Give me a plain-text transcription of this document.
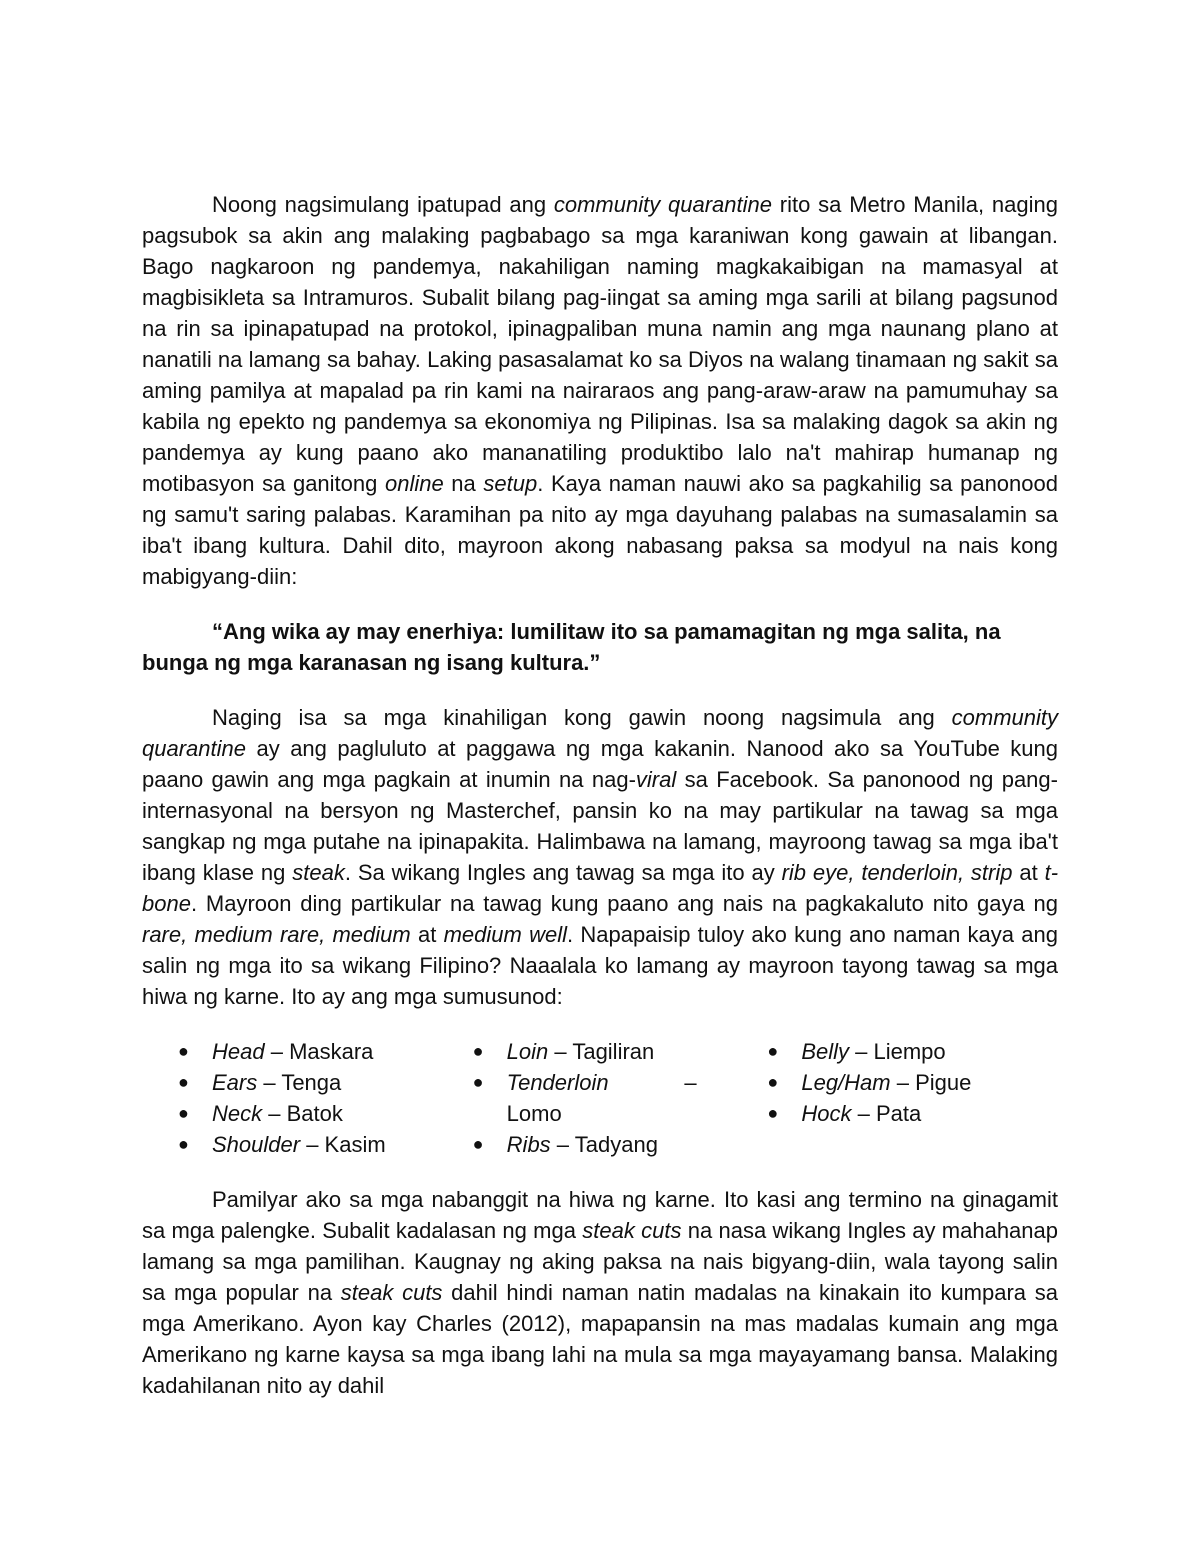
Noong nagsimulang ipatupad ang community quarantine rito sa Metro Manila, naging pagsubok sa akin ang malaking pagbabago sa mga karaniwan kong gawain at libangan. Bago nagkaroon ng pandemya, nakahiligan naming magkakaibigan na mamasyal at magbisikleta sa Intramuros. Subalit bilang pag-iingat sa aming mga sarili at bilang pagsunod na rin sa ipinapatupad na protokol, ipinagpaliban muna namin ang mga naunang plano at nanatili na lamang sa bahay. Laking pasasalamat ko sa Diyos na walang tinamaan ng sakit sa aming pamilya at mapalad pa rin kami na nairaraos ang pang-araw-araw na pamumuhay sa kabila ng epekto ng pandemya sa ekonomiya ng Pilipinas. Isa sa malaking dagok sa akin ng pandemya ay kung paano ako mananatiling produktibo lalo na't mahirap humanap ng motibasyon sa ganitong online na setup. Kaya naman nauwi ako sa pagkahilig sa panonood ng samu't saring palabas. Karamihan pa nito ay mga dayuhang palabas na sumasalamin sa iba't ibang kultura. Dahil dito, mayroon akong nabasang paksa sa modyul na nais kong mabigyang-diin:

“Ang wika ay may enerhiya: lumilitaw ito sa pamamagitan ng mga salita, na bunga ng mga karanasan ng isang kultura.”

Naging isa sa mga kinahiligan kong gawin noong nagsimula ang community quarantine ay ang pagluluto at paggawa ng mga kakanin. Nanood ako sa YouTube kung paano gawin ang mga pagkain at inumin na nag-viral sa Facebook. Sa panonood ng pang-internasyonal na bersyon ng Masterchef, pansin ko na may partikular na tawag sa mga sangkap ng mga putahe na ipinapakita. Halimbawa na lamang, mayroong tawag sa mga iba't ibang klase ng steak. Sa wikang Ingles ang tawag sa mga ito ay rib eye, tenderloin, strip at t-bone. Mayroon ding partikular na tawag kung paano ang nais na pagkakaluto nito gaya ng rare, medium rare, medium at medium well. Napapaisip tuloy ako kung ano naman kaya ang salin ng mga ito sa wikang Filipino? Naaalala ko lamang ay mayroon tayong tawag sa mga hiwa ng karne. Ito ay ang mga sumusunod:

● Head – Maskara
● Ears – Tenga
● Neck – Batok
● Shoulder – Kasim
● Loin – Tagiliran
● Tenderloin	–
Lomo
● Ribs – Tadyang
● Belly – Liempo
● Leg/Ham – Pigue
● Hock – Pata

Pamilyar ako sa mga nabanggit na hiwa ng karne. Ito kasi ang termino na ginagamit sa mga palengke. Subalit kadalasan ng mga steak cuts na nasa wikang Ingles ay mahahanap lamang sa mga pamilihan. Kaugnay ng aking paksa na nais bigyang-diin, wala tayong salin sa mga popular na steak cuts dahil hindi naman natin madalas na kinakain ito kumpara sa mga Amerikano. Ayon kay Charles (2012), mapapansin na mas madalas kumain ang mga Amerikano ng karne kaysa sa mga ibang lahi na mula sa mga mayayamang bansa. Malaking kadahilanan nito ay dahil
